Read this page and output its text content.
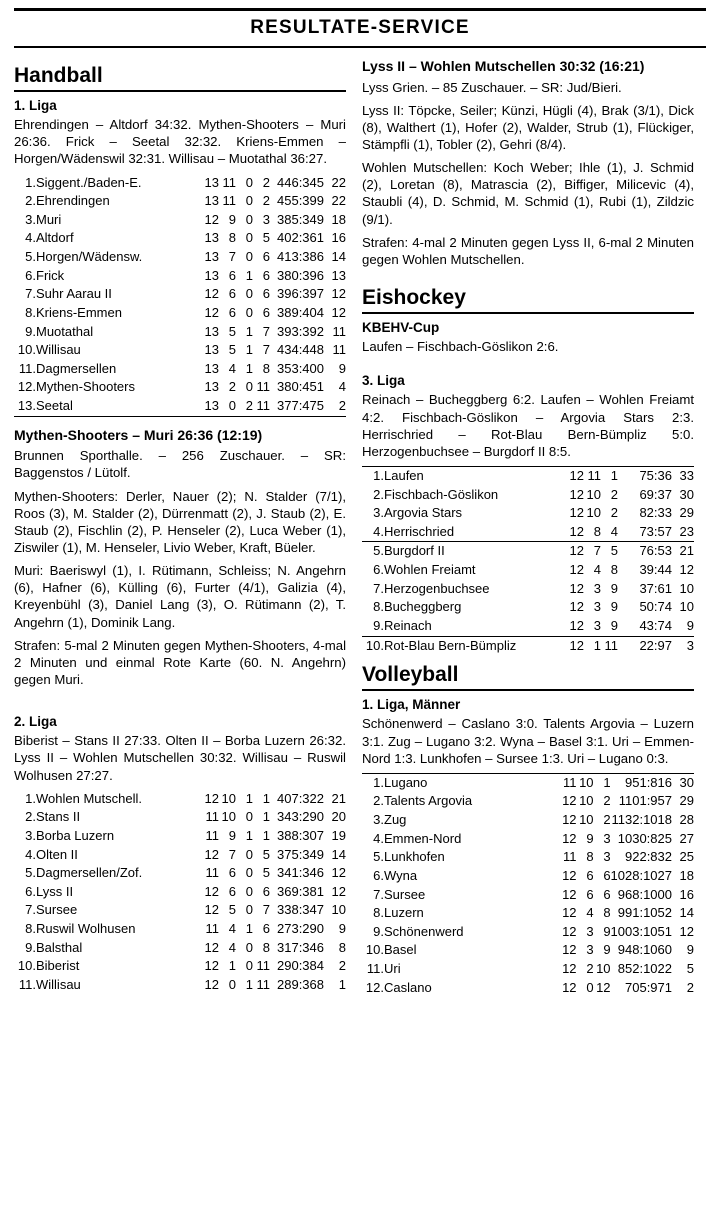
RESULTATE-SERVICE
Handball
1. Liga

Ehrendingen – Altdorf 34:32. Mythen-Shooters – Muri 26:36. Frick – Seetal 32:32. Kriens-Emmen – Horgen/Wädenswil 32:31. Willisau – Muotathal 36:27.

1.	Siggent./Baden-E.	13	11	0	2	446:345	22
2.	Ehrendingen	13	11	0	2	455:399	22
3.	Muri	12	9	0	3	385:349	18
4.	Altdorf	13	8	0	5	402:361	16
5.	Horgen/Wädensw.	13	7	0	6	413:386	14
6.	Frick	13	6	1	6	380:396	13
7.	Suhr Aarau II	12	6	0	6	396:397	12
8.	Kriens-Emmen	12	6	0	6	389:404	12
9.	Muotathal	13	5	1	7	393:392	11
10.	Willisau	13	5	1	7	434:448	11
11.	Dagmersellen	13	4	1	8	353:400	9
12.	Mythen-Shooters	13	2	0	11	380:451	4
13.	Seetal	13	0	2	11	377:475	2
Mythen-Shooters – Muri 26:36 (12:19)

Brunnen Sporthalle. – 256 Zuschauer. – SR: Baggenstos / Lütolf.

Mythen-Shooters: Derler, Nauer (2); N. Stalder (7/1), Roos (3), M. Stalder (2), Dürrenmatt (2), J. Staub (2), E. Staub (2), Fischlin (2), P. Henseler (2), Luca Weber (1), Ziswiler (1), M. Henseler, Livio Weber, Kraft, Büeler.

Muri: Baeriswyl (1), I. Rütimann, Schleiss; N. Angehrn (6), Hafner (6), Külling (6), Furter (4/1), Galizia (4), Kreyenbühl (3), Daniel Lang (3), O. Rütimann (2), T. Angehrn (1), Dominik Lang.

Strafen: 5-mal 2 Minuten gegen Mythen-Shooters, 4-mal 2 Minuten und einmal Rote Karte (60. N. Angehrn) gegen Muri.

2. Liga

Biberist – Stans II 27:33. Olten II – Borba Luzern 26:32. Lyss II – Wohlen Mutschellen 30:32. Willisau – Ruswil Wolhusen 27:27.

1.	Wohlen Mutschell.	12	10	1	1	407:322	21
2.	Stans II	11	10	0	1	343:290	20
3.	Borba Luzern	11	9	1	1	388:307	19
4.	Olten II	12	7	0	5	375:349	14
5.	Dagmersellen/Zof.	11	6	0	5	341:346	12
6.	Lyss II	12	6	0	6	369:381	12
7.	Sursee	12	5	0	7	338:347	10
8.	Ruswil Wolhusen	11	4	1	6	273:290	9
9.	Balsthal	12	4	0	8	317:346	8
10.	Biberist	12	1	0	11	290:384	2
11.	Willisau	12	0	1	11	289:368	1
Lyss II – Wohlen Mutschellen 30:32 (16:21)

Lyss Grien. – 85 Zuschauer. – SR: Jud/Bieri.

Lyss II: Töpcke, Seiler; Künzi, Hügli (4), Brak (3/1), Dick (8), Walthert (1), Hofer (2), Walder, Strub (1), Flückiger, Stämpfli (1), Tobler (2), Gehri (8/4).

Wohlen Mutschellen: Koch Weber; Ihle (1), J. Schmid (2), Loretan (8), Matrascia (2), Biffiger, Milicevic (4), Staubli (4), D. Schmid, M. Schmid (1), Rubi (1), Zildzic (9/1).

Strafen: 4-mal 2 Minuten gegen Lyss II, 6-mal 2 Minuten gegen Wohlen Mutschellen.

Eishockey
KBEHV-Cup

Laufen – Fischbach-Göslikon 2:6.

3. Liga

Reinach – Bucheggberg 6:2. Laufen – Wohlen Freiamt 4:2. Fischbach-Göslikon – Argovia Stars 2:3. Herrischried – Rot-Blau Bern-Bümpliz 5:0. Herzogenbuchsee – Burgdorf II 8:5.

1.	Laufen	12	11	1	75:36	33
2.	Fischbach-Göslikon	12	10	2	69:37	30
3.	Argovia Stars	12	10	2	82:33	29
4.	Herrischried	12	8	4	73:57	23
5.	Burgdorf II	12	7	5	76:53	21
6.	Wohlen Freiamt	12	4	8	39:44	12
7.	Herzogenbuchsee	12	3	9	37:61	10
8.	Bucheggberg	12	3	9	50:74	10
9.	Reinach	12	3	9	43:74	9
10.	Rot-Blau Bern-Bümpliz	12	1	11	22:97	3
Volleyball
1. Liga, Männer

Schönenwerd – Caslano 3:0. Talents Argovia – Luzern 3:1. Zug – Lugano 3:2. Wyna – Basel 3:1. Uri – Emmen-Nord 1:3. Lunkhofen – Sursee 1:3. Uri – Lugano 0:3.

1.	Lugano	11	10	1	951:816	30
2.	Talents Argovia	12	10	2	1101:957	29
3.	Zug	12	10	2	1132:1018	28
4.	Emmen-Nord	12	9	3	1030:825	27
5.	Lunkhofen	11	8	3	922:832	25
6.	Wyna	12	6	6	1028:1027	18
7.	Sursee	12	6	6	968:1000	16
8.	Luzern	12	4	8	991:1052	14
9.	Schönenwerd	12	3	9	1003:1051	12
10.	Basel	12	3	9	948:1060	9
11.	Uri	12	2	10	852:1022	5
12.	Caslano	12	0	12	705:971	2
